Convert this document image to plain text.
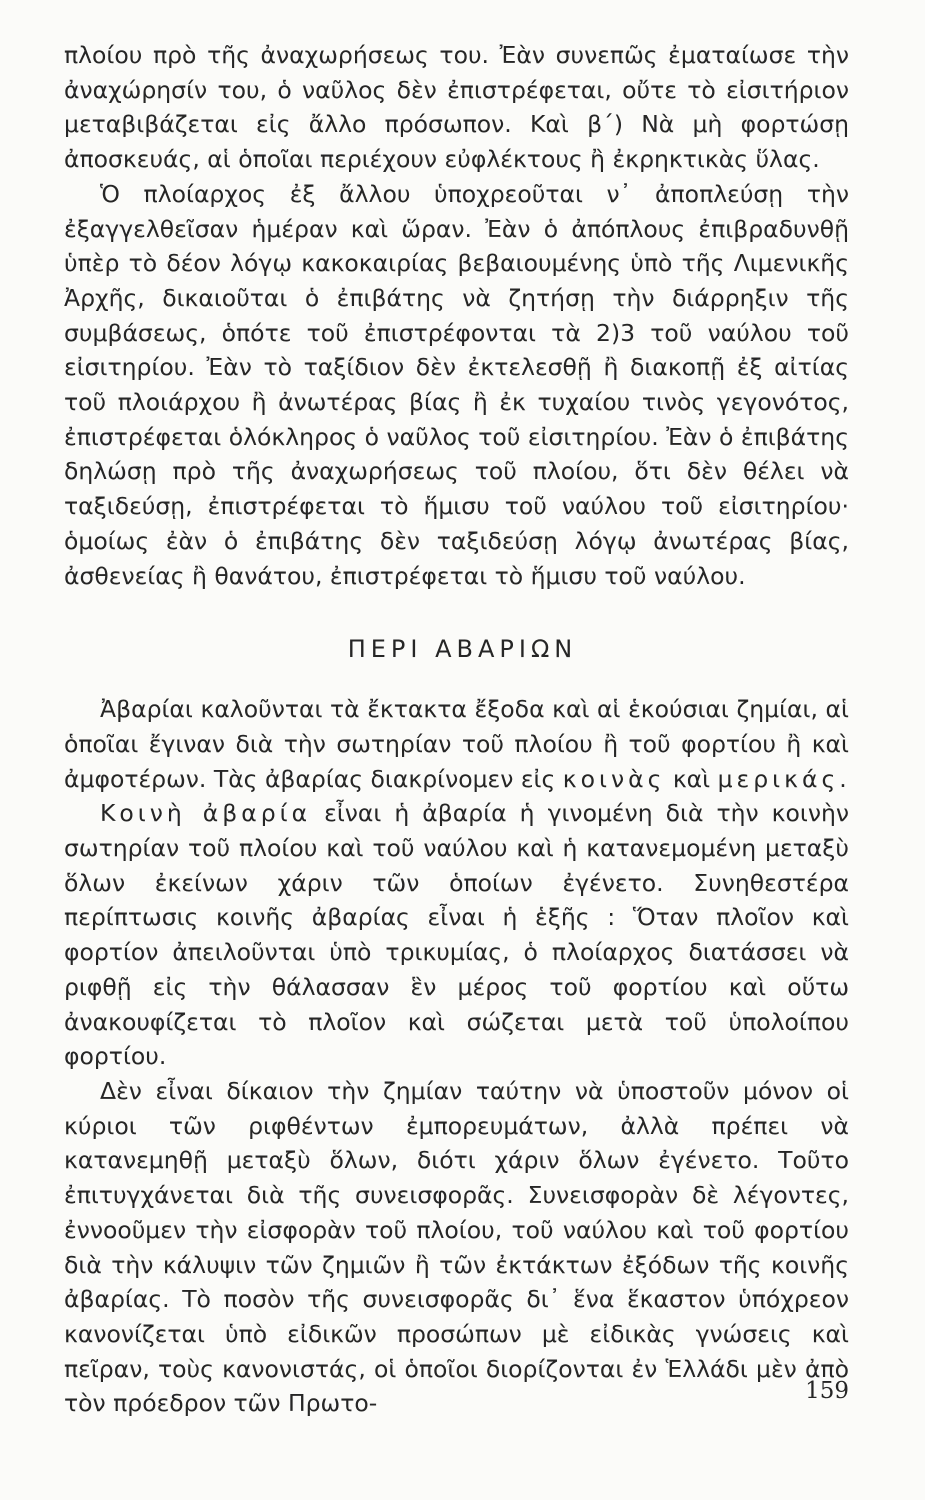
πλοίου πρὸ τῆς ἀναχωρήσεως του. Ἐὰν συνεπῶς ἐματαίωσε τὴν ἀναχώρησίν του, ὁ ναῦλος δὲν ἐπιστρέφεται, οὔτε τὸ εἰσιτήριον μεταβιβάζεται εἰς ἄλλο πρόσωπον. Καὶ β΄) Νὰ μὴ φορτώσῃ ἀποσκευάς, αἱ ὁποῖαι περιέχουν εὐφλέκτους ἢ ἐκρηκτικὰς ὕλας.

Ὁ πλοίαρχος ἐξ ἄλλου ὑποχρεοῦται ν᾿ ἀποπλεύσῃ τὴν ἐξαγγελθεῖσαν ἡμέραν καὶ ὥραν. Ἐὰν ὁ ἀπόπλους ἐπιβραδυνθῇ ὑπὲρ τὸ δέον λόγῳ κακοκαιρίας βεβαιουμένης ὑπὸ τῆς Λιμενικῆς Ἀρχῆς, δικαιοῦται ὁ ἐπιβάτης νὰ ζητήσῃ τὴν διάρρηξιν τῆς συμβάσεως, ὁπότε τοῦ ἐπιστρέφονται τὰ 2)3 τοῦ ναύλου τοῦ εἰσιτηρίου. Ἐὰν τὸ ταξίδιον δὲν ἐκτελεσθῇ ἢ διακοπῇ ἐξ αἰτίας τοῦ πλοιάρχου ἢ ἀνωτέρας βίας ἢ ἐκ τυχαίου τινὸς γεγονότος, ἐπιστρέφεται ὁλόκληρος ὁ ναῦλος τοῦ εἰσιτηρίου. Ἐὰν ὁ ἐπιβάτης δηλώσῃ πρὸ τῆς ἀναχωρήσεως τοῦ πλοίου, ὅτι δὲν θέλει νὰ ταξιδεύσῃ, ἐπιστρέφεται τὸ ἥμισυ τοῦ ναύλου τοῦ εἰσιτηρίου· ὁμοίως ἐὰν ὁ ἐπιβάτης δὲν ταξιδεύσῃ λόγῳ ἀνωτέρας βίας, ἀσθενείας ἢ θανάτου, ἐπιστρέφεται τὸ ἥμισυ τοῦ ναύλου.

ΠΕΡΙ ΑΒΑΡΙΩΝ

Ἀβαρίαι καλοῦνται τὰ ἔκτακτα ἔξοδα καὶ αἱ ἑκούσιαι ζημίαι, αἱ ὁποῖαι ἔγιναν διὰ τὴν σωτηρίαν τοῦ πλοίου ἢ τοῦ φορτίου ἢ καὶ ἀμφοτέρων. Τὰς ἀβαρίας διακρίνομεν εἰς κοινὰς καὶ μερικάς.

Κοινὴ ἀβαρία εἶναι ἡ ἀβαρία ἡ γινομένη διὰ τὴν κοινὴν σωτηρίαν τοῦ πλοίου καὶ τοῦ ναύλου καὶ ἡ κατανεμομένη μεταξὺ ὅλων ἐκείνων χάριν τῶν ὁποίων ἐγένετο. Συνηθεστέρα περίπτωσις κοινῆς ἀβαρίας εἶναι ἡ ἑξῆς : Ὅταν πλοῖον καὶ φορτίον ἀπειλοῦνται ὑπὸ τρικυμίας, ὁ πλοίαρχος διατάσσει νὰ ριφθῇ εἰς τὴν θάλασσαν ἓν μέρος τοῦ φορτίου καὶ οὕτω ἀνακουφίζεται τὸ πλοῖον καὶ σώζεται μετὰ τοῦ ὑπολοίπου φορτίου.

Δὲν εἶναι δίκαιον τὴν ζημίαν ταύτην νὰ ὑποστοῦν μόνον οἱ κύριοι τῶν ριφθέντων ἐμπορευμάτων, ἀλλὰ πρέπει νὰ κατανεμηθῇ μεταξὺ ὅλων, διότι χάριν ὅλων ἐγένετο. Τοῦτο ἐπιτυγχάνεται διὰ τῆς συνεισφορᾶς. Συνεισφορὰν δὲ λέγοντες, ἐννοοῦμεν τὴν εἰσφορὰν τοῦ πλοίου, τοῦ ναύλου καὶ τοῦ φορτίου διὰ τὴν κάλυψιν τῶν ζημιῶν ἢ τῶν ἐκτάκτων ἐξόδων τῆς κοινῆς ἀβαρίας. Τὸ ποσὸν τῆς συνεισφορᾶς δι᾿ ἕνα ἕκαστον ὑπόχρεον κανονίζεται ὑπὸ εἰδικῶν προσώπων μὲ εἰδικὰς γνώσεις καὶ πεῖραν, τοὺς κανονιστάς, οἱ ὁποῖοι διορίζονται ἐν Ἑλλάδι μὲν ἀπὸ τὸν πρόεδρον τῶν Πρωτο-	159
